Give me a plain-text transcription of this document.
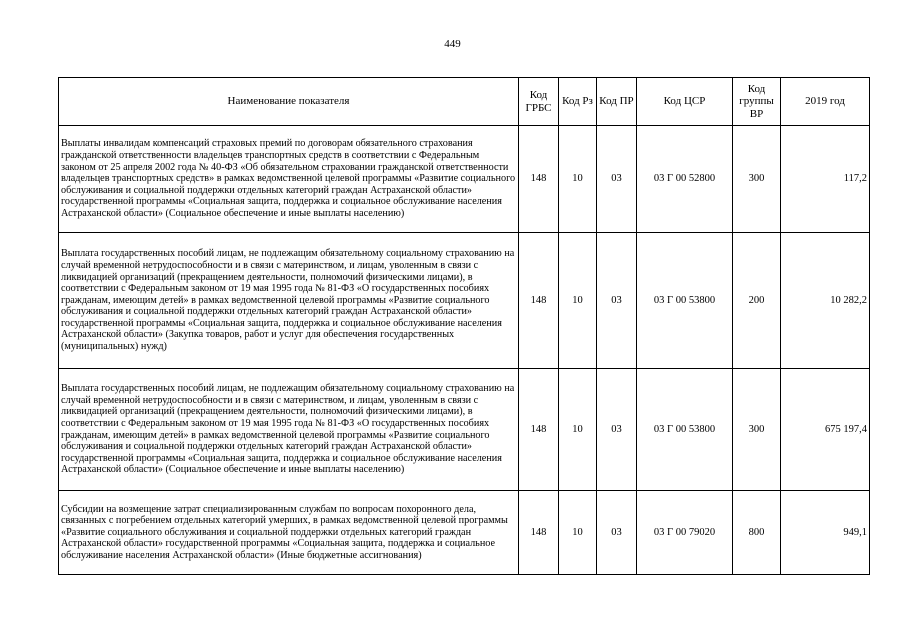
449
Наименование показателя	Код ГРБС	Код Рз	Код ПР	Код ЦСР	Код группы ВР	2019 год
Выплаты инвалидам компенсаций страховых премий по договорам обязательного страхования гражданской ответственности владельцев транспортных средств в соответствии с Федеральным законом от 25 апреля 2002 года № 40-ФЗ «Об обязательном страховании гражданской ответственности владельцев транспортных средств» в рамках ведомственной целевой программы «Развитие социального обслуживания и социальной поддержки отдельных категорий граждан Астраханской области» государственной программы «Социальная защита, поддержка и социальное обслуживание населения Астраханской области» (Социальное обеспечение и иные выплаты населению)	148	10	03	03 Г 00 52800	300	117,2
Выплата государственных пособий лицам, не подлежащим обязательному социальному страхованию на случай временной нетрудоспособности и в связи с материнством, и лицам, уволенным в связи с ликвидацией организаций (прекращением деятельности, полномочий физическими лицами), в соответствии с Федеральным законом от 19 мая 1995 года № 81-ФЗ «О государственных пособиях гражданам, имеющим детей» в рамках ведомственной целевой программы «Развитие социального обслуживания и социальной поддержки отдельных категорий граждан Астраханской области» государственной программы «Социальная защита, поддержка и социальное обслуживание населения Астраханской области» (Закупка товаров, работ и услуг для обеспечения государственных (муниципальных) нужд)	148	10	03	03 Г 00 53800	200	10 282,2
Выплата государственных пособий лицам, не подлежащим обязательному социальному страхованию на случай временной нетрудоспособности и в связи с материнством, и лицам, уволенным в связи с ликвидацией организаций (прекращением деятельности, полномочий физическими лицами), в соответствии с Федеральным законом от 19 мая 1995 года № 81-ФЗ «О государственных пособиях гражданам, имеющим детей» в рамках ведомственной целевой программы «Развитие социального обслуживания и социальной поддержки отдельных категорий граждан Астраханской области» государственной программы «Социальная защита, поддержка и социальное обслуживание населения Астраханской области» (Социальное обеспечение и иные выплаты населению)	148	10	03	03 Г 00 53800	300	675 197,4
Субсидии на возмещение затрат специализированным службам по вопросам похоронного дела, связанных с погребением отдельных категорий умерших, в рамках ведомственной целевой программы «Развитие социального обслуживания и социальной поддержки отдельных категорий граждан Астраханской области» государственной программы «Социальная защита, поддержка и социальное обслуживание населения Астраханской области» (Иные бюджетные ассигнования)	148	10	03	03 Г 00 79020	800	949,1
